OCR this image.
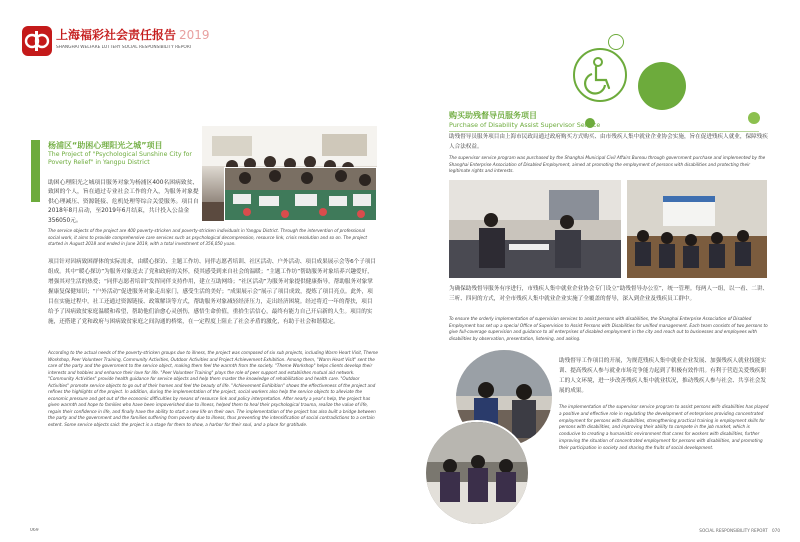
上海福彩社会责任报告 2019
SHANGHAI WELFARE LOTTERY SOCIAL RESPONSIBILITY REPORT
杨浦区“助困心理阳光之城”项目
The Project of "Psychological Sunshine City for Poverty Relief" in Yangpu District
助困心理阳光之城项目服务对象为杨浦区400名困病致贫、致困的个人，旨在通过专业社会工作的介入，为服务对象提供心理减压、资源链接、危机处理等综合关爱服务。项目自2018年8月启动，至2019年6月结束，共计投入公益金356050元。
The service objects of the project are 400 poverty-stricken and poverty-stricken individuals in Yangpu District. Through the intervention of professional social work, it aims to provide comprehensive care services such as psychological decompression, resource link, crisis resolution and so on. The project started in August 2018 and ended in June 2019, with a total investment of 356,050 yuan.
项目针对因病致困群体的实际需求，由暖心探访、主题工作坊、同伴志愿者培训、社区活动、户外活动、项目成果展示会等6个子项目组成。其中“暖心探访”为服务对象送去了党和政府的关怀，使其感受到来自社会的温暖；“主题工作坊”帮助服务对象培养兴趣爱好，增强其对生活的热爱；“同伴志愿者培训”发挥同伴支持作用，建立互助网络；“社区活动”为服务对象提供健康指导，帮助服务对象掌握康复保健知识；“户外活动”促进服务对象走出家门，感受生活的美好；“成果展示会”展示了项目成效，提炼了项目亮点。此外，项目在实施过程中，社工还通过资源链接、政策解读等方式，帮助服务对象减轻经济压力，走出经济困境。经过将近一年的帮扶，项目给予了因病致贫家庭温暖和希望，帮助他们治愈心灵创伤，感悟生命价值，重拾生活信心，最终有能力自己开启新的人生。项目的实施，还搭建了党和政府与困病致贫家庭之间沟通的桥梁，在一定程度上阻止了社会矛盾的激化，有助于社会和谐稳定。
According to the actual needs of the poverty-stricken groups due to illness, the project was composed of six sub projects, including Warm Heart Visit, Theme Workshop, Peer Volunteer Training, Community Activities, Outdoor Activities and Project Achievement Exhibition. Among them, "Warm Heart Visit" sent the care of the party and the government to the service object, making them feel the warmth from the society. "Theme Workshop" helps clients develop their interests and hobbies and enhance their love for life. "Peer Volunteer Training" plays the role of peer support and establishes mutual aid network. "Community Activities" provide health guidance for service objects and help them master the knowledge of rehabilitation and health care. "Outdoor Activities" promote service objects to go out of their homes and feel the beauty of life. "Achievement Exhibition" shows the effectiveness of the project and refines the highlights of the project. In addition, during the implementation of the project, social workers also help the service objects to alleviate the economic pressure and get out of the economic difficulties by means of resource link and policy interpretation. After nearly a year's help, the project has given warmth and hope to families who have been impoverished due to illness, helped them to heal their psychological trauma, realize the value of life, regain their confidence in life, and finally have the ability to start a new life on their own. The implementation of the project has also built a bridge between the party and the government and the families suffering from poverty due to illness, thus preventing the intensification of social contradictions to a certain extent. Some service objects said: the project is a stage for them to show, a harbor for their soul, and a place for gratitude.
069
购买助残督导员服务项目
Purchase of Disability Assist Supervisor Service
助残督导员服务项目由上海市民政局通过政府购买方式购买、由市残疾人集中就业企业协会实施，旨在促进残疾人就业，保障残疾人合法权益。
The supervisor service program was purchased by the Shanghai Municipal Civil Affairs Bureau through government purchase and implemented by the Shanghai Enterprise Association of Disabled Employment, aimed at promoting the employment of persons with disabilities and protecting their legitimate rights and interests.
为确保助残督导服务有序进行，市残疾人集中就业企业协会专门设立“助残督导办公室”，统一管理。每两人一组，以一看、二讲、三听、四问的方式，对全市残疾人集中就业企业实施了全覆盖的督导，深入到企业及残疾员工群中。
To ensure the orderly implementation of supervision services to assist persons with disabilities, the Shanghai Enterprise Association of Disabled Employment has set up a special Office of Supervision to Assist Persons with Disabilities for unified management. Each team consists of two persons to give full-coverage supervision and guidance to all enterprises of disabled employment in the city and reach out to businesses and employees with disabilities by observation, presentation, listening, and asking.
助残督导工作项目的开展，为规范残疾人集中就业企业发展、加强残疾人就业技能实训、提高残疾人参与就业市场竞争能力起到了积极有效作用。有利于营造关爱残疾职工的人文环境，进一步改善残疾人集中就业状况，推动残疾人参与社会、共享社会发展的成果。
The implementation of the supervisor service program to assist persons with disabilities has played a positive and effective role in regulating the development of enterprises providing concentrated employment for persons with disabilities, strengthening practical training in employment skills for persons with disabilities, and improving their ability to compete in the job market, which is conducive to creating a humanistic environment that cares for workers with disabilities, further improving the situation of concentrated employment for persons with disabilities, and promoting their participation in society and sharing the fruits of social development.
SOCIAL RESPONSIBILITY REPORT 070
